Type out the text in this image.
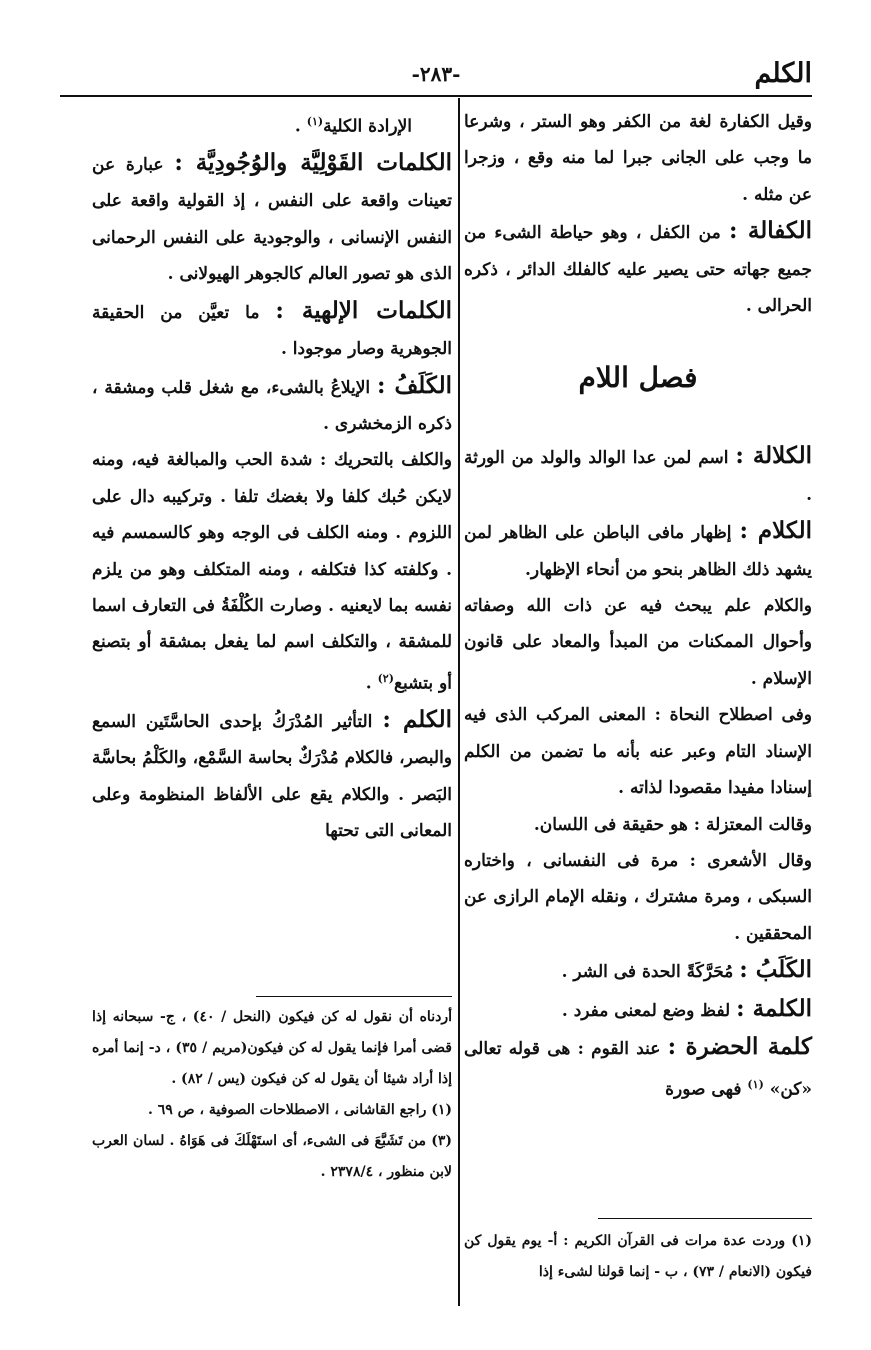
الكلم
-٢٨٣-

وقيل الكفارة لغة من الكفر وهو الستر ، وشرعا ما وجب على الجانى جبرا لما منه وقع ، وزجرا عن مثله .

الكفالة : من الكفل ، وهو حياطة الشىء من جميع جهاته حتى يصير عليه كالفلك الدائر ، ذكره الحرالى .

فصل اللام

الكلالة : اسم لمن عدا الوالد والولد من الورثة .

الكلام : إظهار مافى الباطن على الظاهر لمن يشهد ذلك الظاهر بنحو من أنحاء الإظهار.

والكلام علم يبحث فيه عن ذات الله وصفاته وأحوال الممكنات من المبدأ والمعاد على قانون الإسلام .

وفى اصطلاح النحاة : المعنى المركب الذى فيه الإسناد التام وعبر عنه بأنه ما تضمن من الكلم إسنادا مفيدا مقصودا لذاته .

وقالت المعتزلة : هو حقيقة فى اللسان.

وقال الأشعرى : مرة فى النفسانى ، واختاره السبكى ، ومرة مشترك ، ونقله الإمام الرازى عن المحققين .

الكَلَبُ : مُحَرَّكَةً الحدة فى الشر .

الكلمة : لفظ وضع لمعنى مفرد .

كلمة الحضرة : عند القوم : هى قوله تعالى «كن» $^{(١)}$ فهى صورة

(١) وردت عدة مرات فى القرآن الكريم : أ- يوم يقول كن فيكون (الانعام / ٧٣) ، ب - إنما قولنا لشىء إذا

الإرادة الكلية$^{(١)}$ .

الكلمات القَوْلِيَّة والوُجُودِيَّة : عبارة عن تعينات واقعة على النفس ، إذ القولية واقعة على النفس الإنسانى ، والوجودية على النفس الرحمانى الذى هو تصور العالم كالجوهر الهيولانى .

الكلمات الإلهية : ما تعيَّن من الحقيقة الجوهرية وصار موجودا .

الكَلَفُ : الإيلاعُ بالشىء، مع شغل قلب ومشقة ، ذكره الزمخشرى .

والكلف بالتحريك : شدة الحب والمبالغة فيه، ومنه لايكن حُبك كلفا ولا بغضك تلفا . وتركيبه دال على اللزوم . ومنه الكلف فى الوجه وهو كالسمسم فيه . وكلفته كذا فتكلفه ، ومنه المتكلف وهو من يلزم نفسه بما لايعنيه . وصارت الكُلْفَةُ فى التعارف اسما للمشقة ، والتكلف اسم لما يفعل بمشقة أو بتصنع أو بتشبع$^{(٢)}$ .

الكلم : التأثير المُدْرَكُ بإحدى الحاسَّتَين السمع والبصر، فالكلام مُدْرَكٌ بحاسة السَّمْع، والكَلْمُ بحاسَّة البَصر . والكلام يقع على الألفاظ المنظومة وعلى المعانى التى تحتها

أردناه أن نقول له كن فيكون (النحل / ٤٠) ، ج- سبحانه إذا قضى أمرا فإنما يقول له كن فيكون(مريم / ٣٥) ، د- إنما أمره إذا أراد شيئا أن يقول له كن فيكون (يس / ٨٢) .

(١) راجع القاشانى ، الاصطلاحات الصوفية ، ص ٦٩ .

(٣) من تَشَبَّعَ فى الشىء، أى استَهْلَكَ فى هَوَاهُ . لسان العرب لابن منظور ، ٢٣٧٨/٤ .
